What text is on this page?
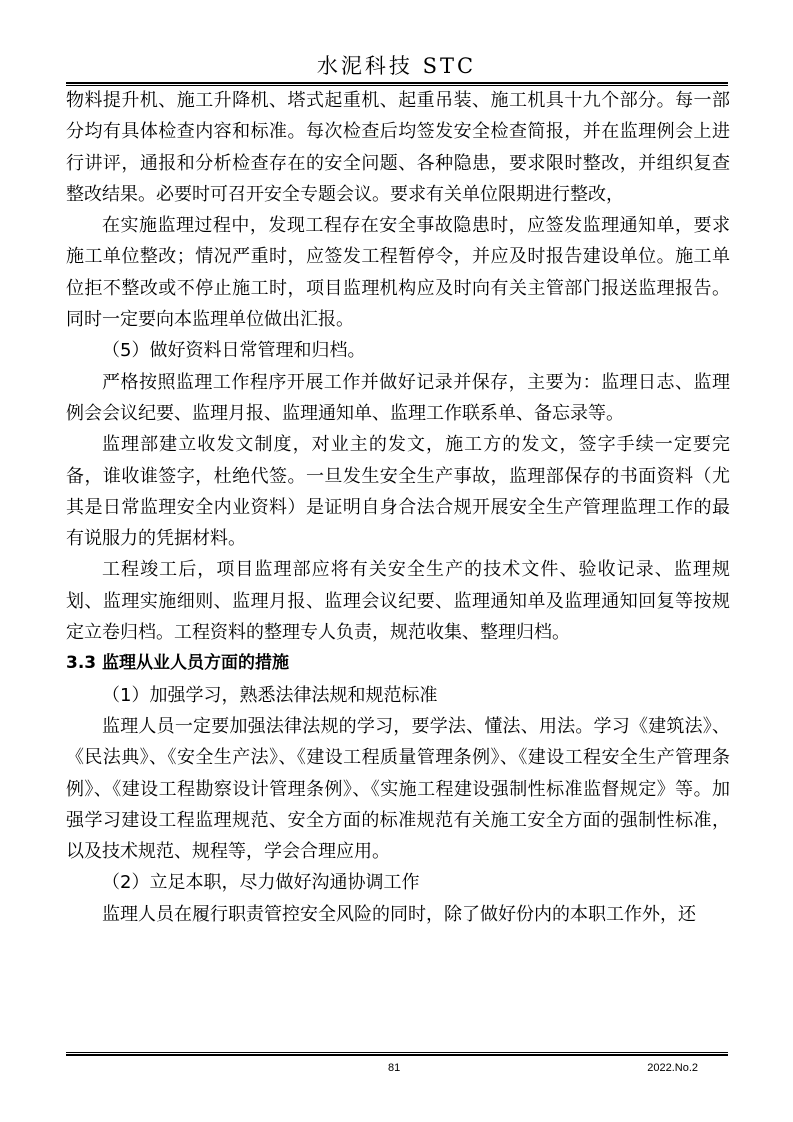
水泥科技 STC

物料提升机、施工升降机、塔式起重机、起重吊装、施工机具十九个部分。每一部分均有具体检查内容和标准。每次检查后均签发安全检查简报，并在监理例会上进行讲评，通报和分析检查存在的安全问题、各种隐患，要求限时整改，并组织复查整改结果。必要时可召开安全专题会议。要求有关单位限期进行整改，

在实施监理过程中，发现工程存在安全事故隐患时，应签发监理通知单，要求施工单位整改；情况严重时，应签发工程暂停令，并应及时报告建设单位。施工单位拒不整改或不停止施工时，项目监理机构应及时向有关主管部门报送监理报告。同时一定要向本监理单位做出汇报。

（5）做好资料日常管理和归档。

严格按照监理工作程序开展工作并做好记录并保存，主要为：监理日志、监理例会会议纪要、监理月报、监理通知单、监理工作联系单、备忘录等。

监理部建立收发文制度，对业主的发文，施工方的发文，签字手续一定要完备，谁收谁签字，杜绝代签。一旦发生安全生产事故，监理部保存的书面资料（尤其是日常监理安全内业资料）是证明自身合法合规开展安全生产管理监理工作的最有说服力的凭据材料。

工程竣工后，项目监理部应将有关安全生产的技术文件、验收记录、监理规划、监理实施细则、监理月报、监理会议纪要、监理通知单及监理通知回复等按规定立卷归档。工程资料的整理专人负责，规范收集、整理归档。

3.3 监理从业人员方面的措施

（1）加强学习，熟悉法律法规和规范标准

监理人员一定要加强法律法规的学习，要学法、懂法、用法。学习《建筑法》、《民法典》、《安全生产法》、《建设工程质量管理条例》、《建设工程安全生产管理条例》、《建设工程勘察设计管理条例》、《实施工程建设强制性标准监督规定》等。加强学习建设工程监理规范、安全方面的标准规范有关施工安全方面的强制性标准，以及技术规范、规程等，学会合理应用。

（2）立足本职，尽力做好沟通协调工作

监理人员在履行职责管控安全风险的同时，除了做好份内的本职工作外，还

81	2022.No.2
